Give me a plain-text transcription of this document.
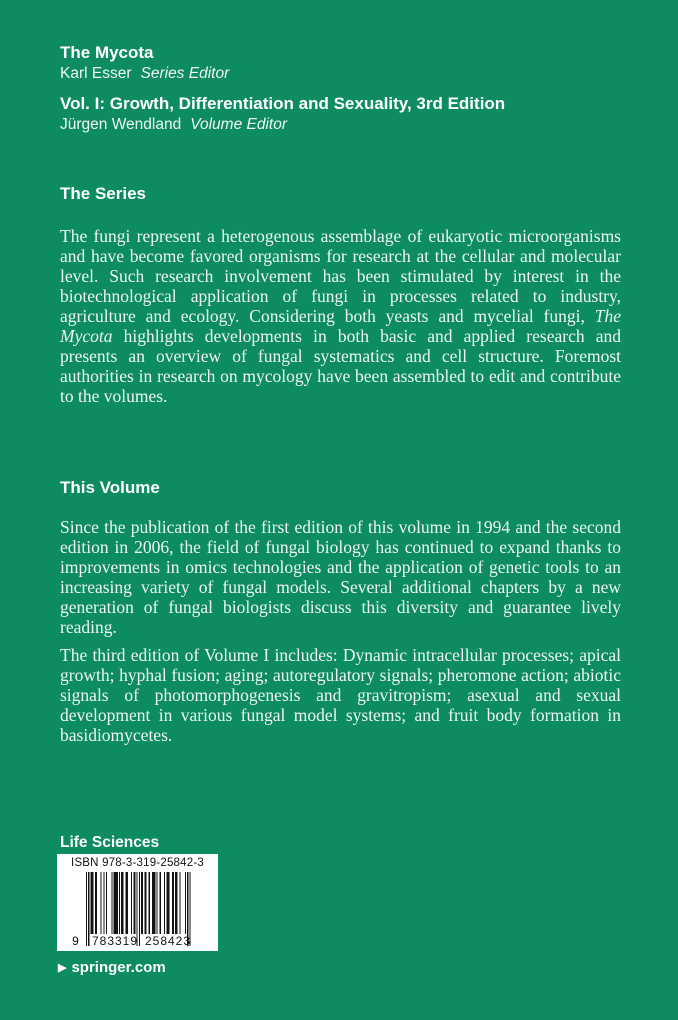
The Mycota
Karl Esser Series Editor
Vol. I: Growth, Differentiation and Sexuality, 3rd Edition
Jürgen Wendland Volume Editor
The Series

The fungi represent a heterogenous assemblage of eukaryotic microorganisms and have become favored organisms for research at the cellular and molecular level. Such research involvement has been stimulated by interest in the biotechnological application of fungi in processes related to industry, agriculture and ecology. Considering both yeasts and mycelial fungi, The Mycota highlights developments in both basic and applied research and presents an overview of fungal systematics and cell structure. Foremost authorities in research on mycology have been assembled to edit and contribute to the volumes.

This Volume

Since the publication of the first edition of this volume in 1994 and the second edition in 2006, the field of fungal biology has continued to expand thanks to improvements in omics technologies and the application of genetic tools to an increasing variety of fungal models. Several additional chapters by a new generation of fungal biologists discuss this diversity and guarantee lively reading.

The third edition of Volume I includes: Dynamic intracellular processes; apical growth; hyphal fusion; aging; autoregulatory signals; pheromone action; abiotic signals of photomorphogenesis and gravitropism; asexual and sexual development in various fungal model systems; and fruit body formation in basidiomycetes.

Life Sciences
ISBN 978-3-319-25842-3
9 783319 258423
▶ springer.com
